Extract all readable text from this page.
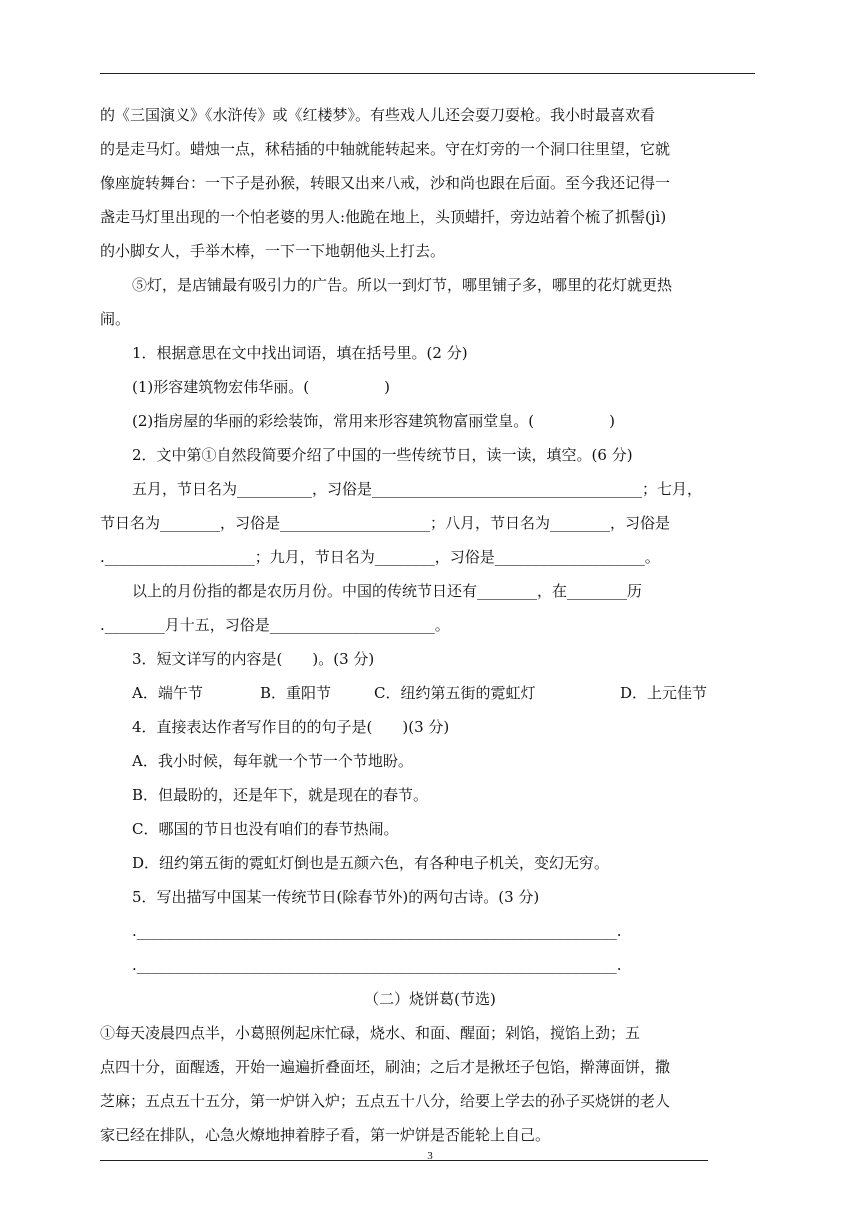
的《三国演义》《水浒传》或《红楼梦》。有些戏人儿还会耍刀耍枪。我小时最喜欢看
的是走马灯。蜡烛一点，秫秸插的中轴就能转起来。守在灯旁的一个洞口往里望，它就
像座旋转舞台：一下子是孙猴，转眼又出来八戒，沙和尚也跟在后面。至今我还记得一
盏走马灯里出现的一个怕老婆的男人:他跪在地上，头顶蜡扦，旁边站着个梳了抓髻(jì)
的小脚女人，手举木棒，一下一下地朝他头上打去。
⑤灯，是店铺最有吸引力的广告。所以一到灯节，哪里铺子多，哪里的花灯就更热
闹。
1．根据意思在文中找出词语，填在括号里。(2 分)
(1)形容建筑物宏伟华丽。(　　　　　)
(2)指房屋的华丽的彩绘装饰，常用来形容建筑物富丽堂皇。(　　　　　)
2．文中第①自然段简要介绍了中国的一些传统节日，读一读，填空。(6 分)
五月，节日名为__________，习俗是____________________________________；七月，
节日名为________，习俗是____________________；八月，节日名为________，习俗是
.____________________；九月，节日名为________，习俗是____________________。
以上的月份指的都是农历月份。中国的传统节日还有________，在________历
.________月十五，习俗是______________________。
3．短文详写的内容是(　　)。(3 分)
A．端午节	B．重阳节	C．纽约第五街的霓虹灯	D．上元佳节
4．直接表达作者写作目的的句子是(　　)(3 分)
A．我小时候，每年就一个节一个节地盼。
B．但最盼的，还是年下，就是现在的春节。
C．哪国的节日也没有咱们的春节热闹。
D．纽约第五街的霓虹灯倒也是五颜六色，有各种电子机关，变幻无穷。
5．写出描写中国某一传统节日(除春节外)的两句古诗。(3 分)
.________________________________________________________________.
.________________________________________________________________.
（二）烧饼葛(节选)
①每天凌晨四点半，小葛照例起床忙碌，烧水、和面、醒面；剁馅，搅馅上劲；五
点四十分，面醒透，开始一遍遍折叠面坯，刷油；之后才是揪坯子包馅，擀薄面饼，撒
芝麻；五点五十五分，第一炉饼入炉；五点五十八分，给要上学去的孙子买烧饼的老人
家已经在排队，心急火燎地抻着脖子看，第一炉饼是否能轮上自己。
3
